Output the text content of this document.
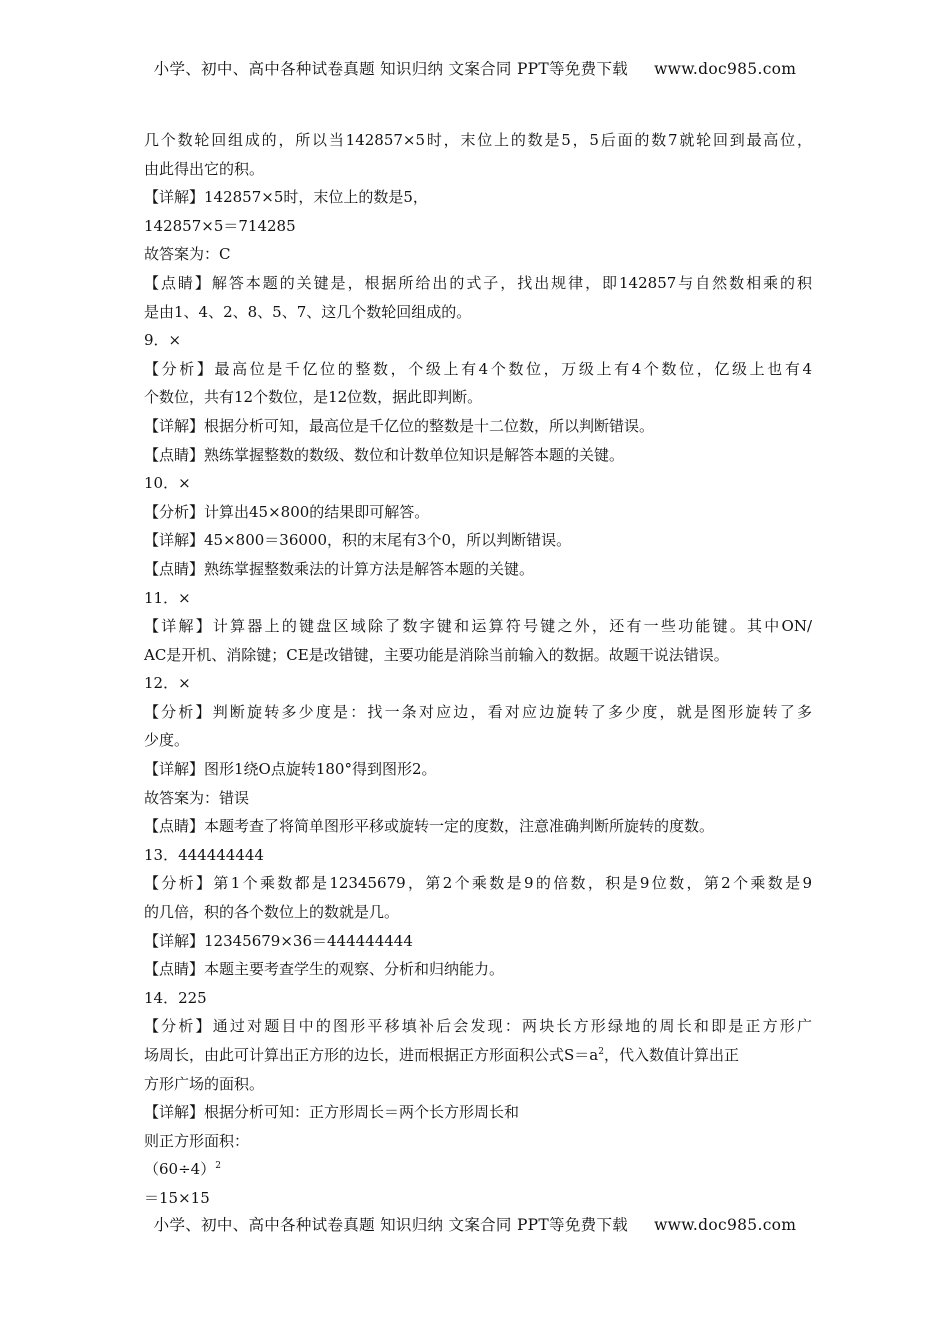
小学、初中、高中各种试卷真题 知识归纳 文案合同 PPT等免费下载 www.doc985.com
几个数轮回组成的，所以当142857×5时，末位上的数是5，5后面的数7就轮回到最高位，
由此得出它的积。
【详解】142857×5时，末位上的数是5，
142857×5＝714285
故答案为：C
【点睛】解答本题的关键是，根据所给出的式子，找出规律，即142857与自然数相乘的积
是由1、4、2、8、5、7、这几个数轮回组成的。
9．×
【分析】最高位是千亿位的整数，个级上有4个数位，万级上有4个数位，亿级上也有4
个数位，共有12个数位，是12位数，据此即判断。
【详解】根据分析可知，最高位是千亿位的整数是十二位数，所以判断错误。
【点睛】熟练掌握整数的数级、数位和计数单位知识是解答本题的关键。
10．×
【分析】计算出45×800的结果即可解答。
【详解】45×800＝36000，积的末尾有3个0，所以判断错误。
【点睛】熟练掌握整数乘法的计算方法是解答本题的关键。
11．×
【详解】计算器上的键盘区域除了数字键和运算符号键之外，还有一些功能键。其中ON/
AC是开机、消除键；CE是改错键，主要功能是消除当前输入的数据。故题干说法错误。
12．×
【分析】判断旋转多少度是：找一条对应边，看对应边旋转了多少度，就是图形旋转了多
少度。
【详解】图形1绕O点旋转180°得到图形2。
故答案为：错误
【点睛】本题考查了将简单图形平移或旋转一定的度数，注意准确判断所旋转的度数。
13．444444444
【分析】第1个乘数都是12345679，第2个乘数是9的倍数，积是9位数，第2个乘数是9
的几倍，积的各个数位上的数就是几。
【详解】12345679×36＝444444444
【点睛】本题主要考查学生的观察、分析和归纳能力。
14．225
【分析】通过对题目中的图形平移填补后会发现：两块长方形绿地的周长和即是正方形广
场周长，由此可计算出正方形的边长，进而根据正方形面积公式$S=a^2$，代入数值计算出正
方形广场的面积。
【详解】根据分析可知：正方形周长＝两个长方形周长和
则正方形面积：
$(60\div 4)^2$
＝15×15
小学、初中、高中各种试卷真题 知识归纳 文案合同 PPT等免费下载 www.doc985.com
